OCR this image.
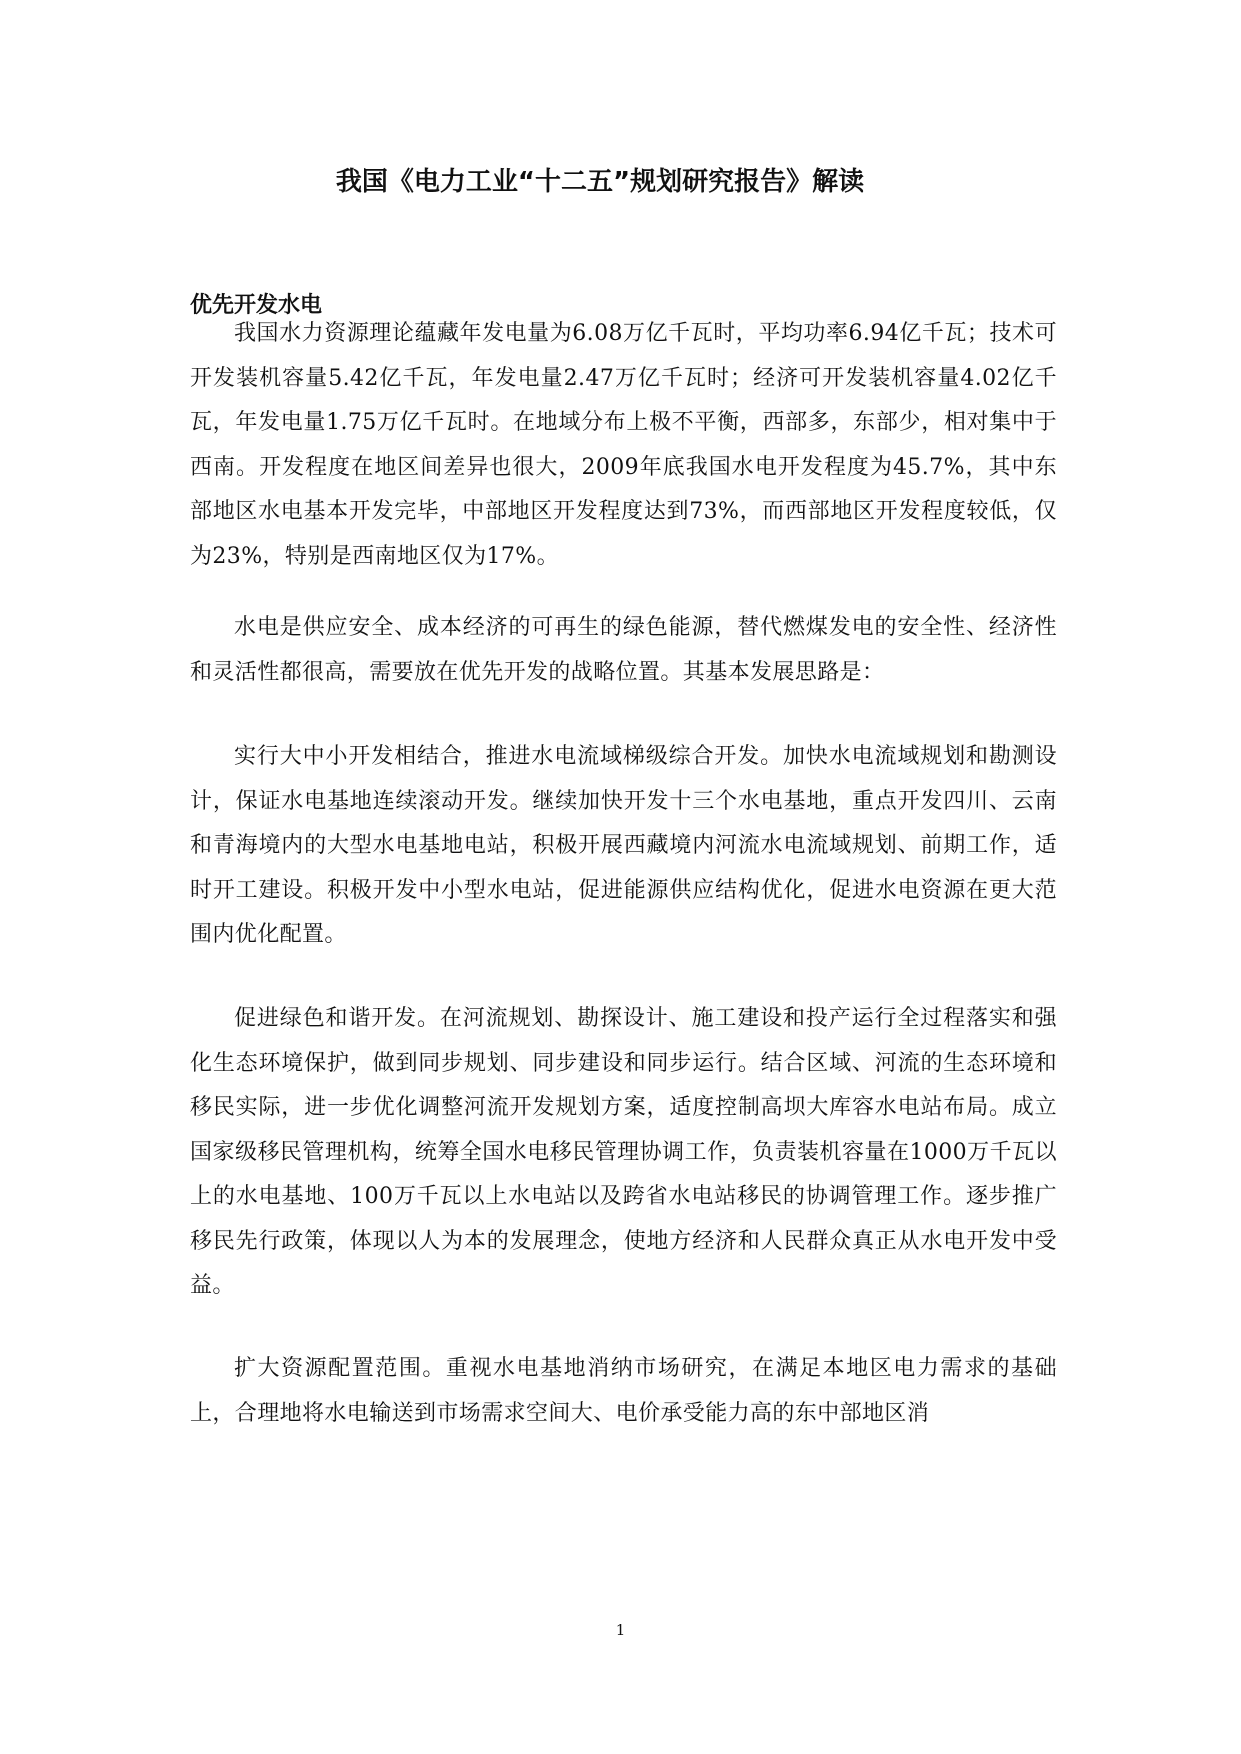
我国《电力工业“十二五”规划研究报告》解读
优先开发水电

我国水力资源理论蕴藏年发电量为6.08万亿千瓦时，平均功率6.94亿千瓦；技术可开发装机容量5.42亿千瓦，年发电量2.47万亿千瓦时；经济可开发装机容量4.02亿千瓦，年发电量1.75万亿千瓦时。在地域分布上极不平衡，西部多，东部少，相对集中于西南。开发程度在地区间差异也很大，2009年底我国水电开发程度为45.7%，其中东部地区水电基本开发完毕，中部地区开发程度达到73%，而西部地区开发程度较低，仅为23%，特别是西南地区仅为17%。

水电是供应安全、成本经济的可再生的绿色能源，替代燃煤发电的安全性、经济性和灵活性都很高，需要放在优先开发的战略位置。其基本发展思路是：

实行大中小开发相结合，推进水电流域梯级综合开发。加快水电流域规划和勘测设计，保证水电基地连续滚动开发。继续加快开发十三个水电基地，重点开发四川、云南和青海境内的大型水电基地电站，积极开展西藏境内河流水电流域规划、前期工作，适时开工建设。积极开发中小型水电站，促进能源供应结构优化，促进水电资源在更大范围内优化配置。

促进绿色和谐开发。在河流规划、勘探设计、施工建设和投产运行全过程落实和强化生态环境保护，做到同步规划、同步建设和同步运行。结合区域、河流的生态环境和移民实际，进一步优化调整河流开发规划方案，适度控制高坝大库容水电站布局。成立国家级移民管理机构，统筹全国水电移民管理协调工作，负责装机容量在1000万千瓦以上的水电基地、100万千瓦以上水电站以及跨省水电站移民的协调管理工作。逐步推广移民先行政策，体现以人为本的发展理念，使地方经济和人民群众真正从水电开发中受益。

扩大资源配置范围。重视水电基地消纳市场研究，在满足本地区电力需求的基础上，合理地将水电输送到市场需求空间大、电价承受能力高的东中部地区消

1
